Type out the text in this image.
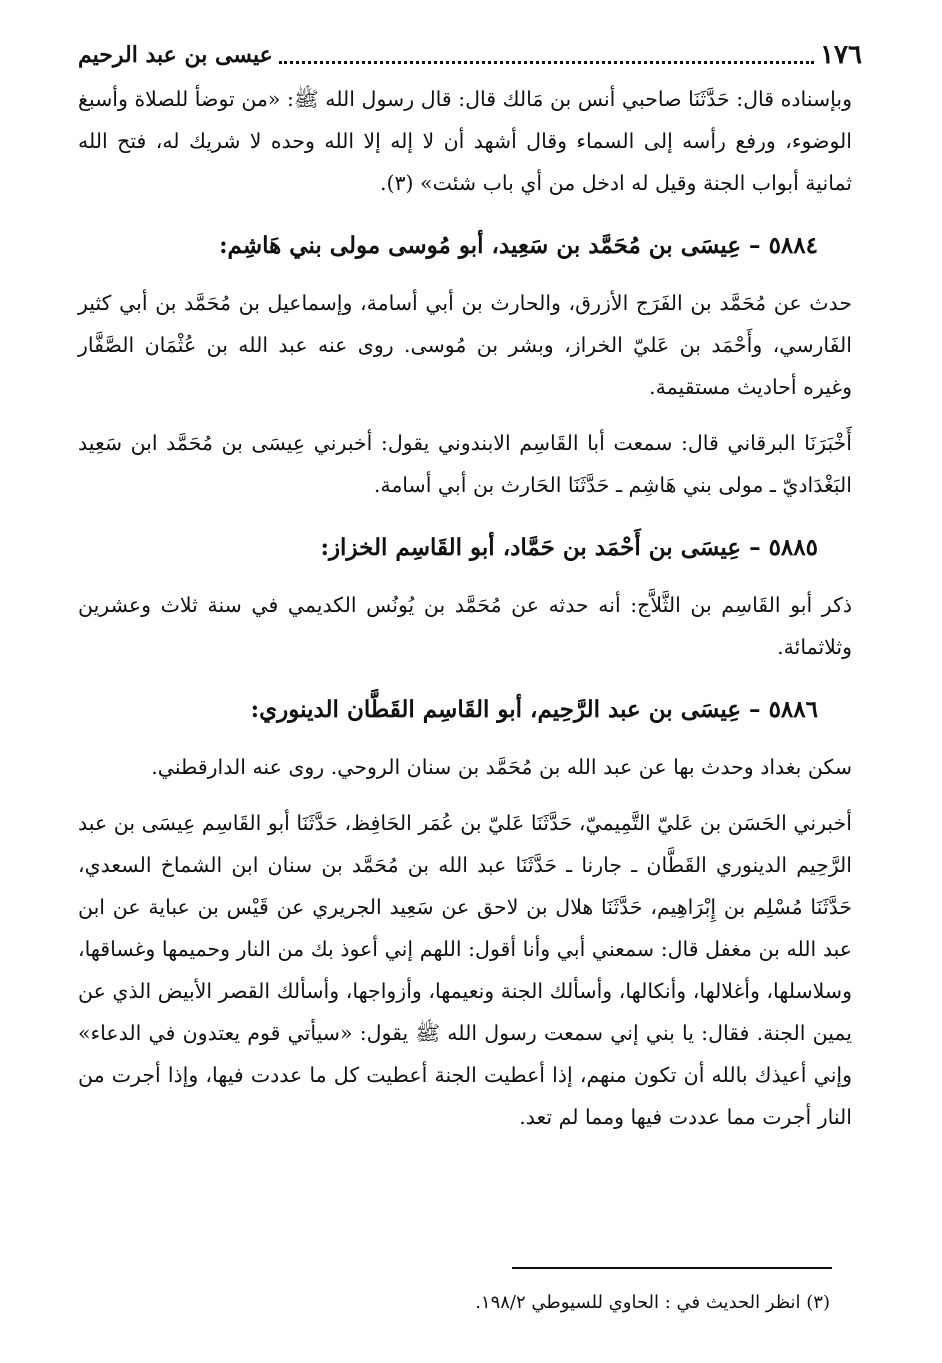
١٧٦
عيسى بن عبد الرحيم

وبإسناده قال: حَدَّثَنَا صاحبي أنس بن مَالك قال: قال رسول الله ﷺ: «من توضأ للصلاة وأسبغ الوضوء، ورفع رأسه إلى السماء وقال أشهد أن لا إله إلا الله وحده لا شريك له، فتح الله ثمانية أبواب الجنة وقيل له ادخل من أي باب شئت» (٣).

٥٨٨٤ – عِيسَى بن مُحَمَّد بن سَعِيد، أبو مُوسى مولى بني هَاشِم:

حدث عن مُحَمَّد بن الفَرَج الأزرق، والحارث بن أبي أسامة، وإسماعيل بن مُحَمَّد بن أبي كثير الفَارسي، وأَحْمَد بن عَليّ الخراز، وبشر بن مُوسى. روى عنه عبد الله بن عُثْمَان الصَّفَّار وغيره أحاديث مستقيمة.

أَخْبَرَنَا البرقاني قال: سمعت أبا القَاسِم الابندوني يقول: أخبرني عِيسَى بن مُحَمَّد ابن سَعِيد البَغْدَاديّ ـ مولى بني هَاشِم ـ حَدَّثَنَا الحَارث بن أبي أسامة.

٥٨٨٥ – عِيسَى بن أَحْمَد بن حَمَّاد، أبو القَاسِم الخزاز:

ذكر أبو القَاسِم بن الثَّلاَّج: أنه حدثه عن مُحَمَّد بن يُونُس الكديمي في سنة ثلاث وعشرين وثلاثمائة.

٥٨٨٦ – عِيسَى بن عبد الرَّحِيم، أبو القَاسِم القَطَّان الدينوري:

سكن بغداد وحدث بها عن عبد الله بن مُحَمَّد بن سنان الروحي. روى عنه الدارقطني.

أخبرني الحَسَن بن عَليّ التَّمِيميّ، حَدَّثَنَا عَليّ بن عُمَر الحَافِظ، حَدَّثَنَا أبو القَاسِم عِيسَى بن عبد الرَّحِيم الدينوري القَطَّان ـ جارنا ـ حَدَّثَنَا عبد الله بن مُحَمَّد بن سنان ابن الشماخ السعدي، حَدَّثَنَا مُسْلِم بن إِبْرَاهِيم، حَدَّثَنَا هلال بن لاحق عن سَعِيد الجريري عن قَيْس بن عباية عن ابن عبد الله بن مغفل قال: سمعني أبي وأنا أقول: اللهم إني أعوذ بك من النار وحميمها وغساقها، وسلاسلها، وأغلالها، وأنكالها، وأسألك الجنة ونعيمها، وأزواجها، وأسألك القصر الأبيض الذي عن يمين الجنة. فقال: يا بني إني سمعت رسول الله ﷺ يقول: «سيأتي قوم يعتدون في الدعاء» وإني أعيذك بالله أن تكون منهم، إذا أعطيت الجنة أعطيت كل ما عددت فيها، وإذا أجرت من النار أجرت مما عددت فيها ومما لم تعد.

(٣) انظر الحديث في : الحاوي للسيوطي ١٩٨/٢.
